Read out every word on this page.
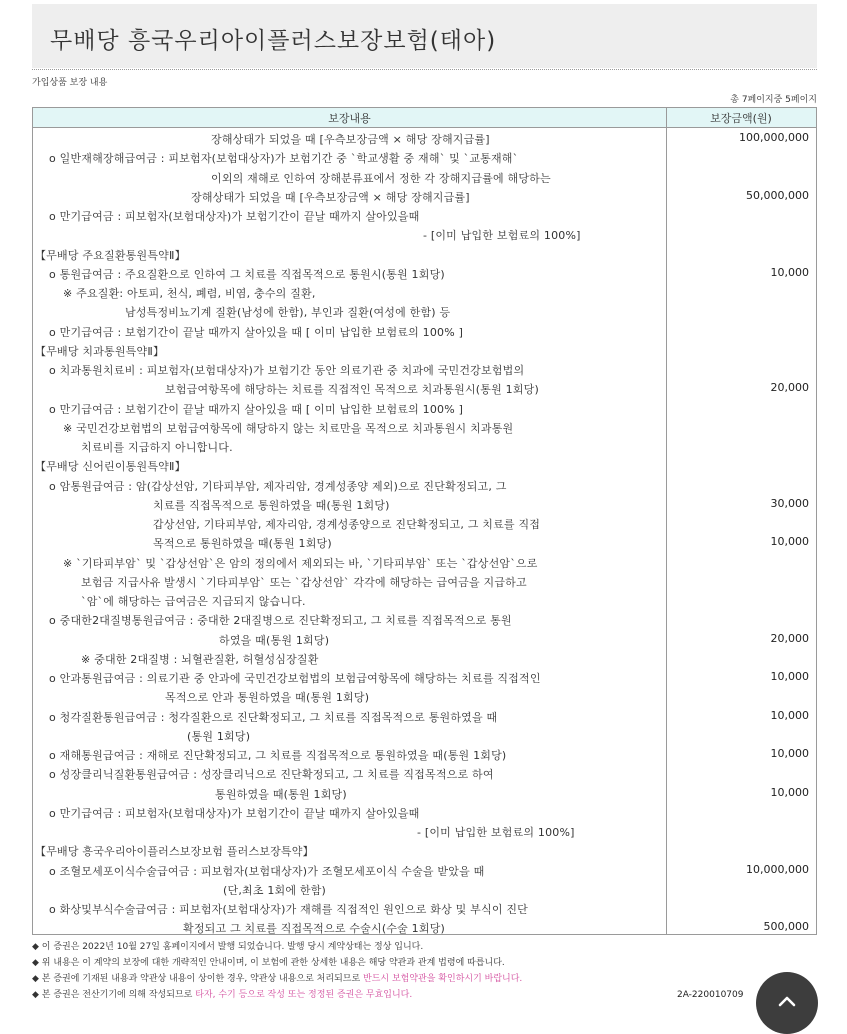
무배당 흥국우리아이플러스보장보험(태아)
가입상품 보장 내용
총 7페이지중 5페이지
보장내용	보장금액(원)
장해상태가 되었을 때 [우측보장금액 × 해당 장해지급률]	100,000,000
o 일반재해장해급여금 : 피보험자(보험대상자)가 보험기간 중 `학교생활 중 재해` 및 `교통재해`
이외의 재해로 인하여 장해분류표에서 정한 각 장해지급률에 해당하는
장해상태가 되었을 때 [우측보장금액 × 해당 장해지급률]	50,000,000
o 만기급여금 : 피보험자(보험대상자)가 보험기간이 끝날 때까지 살아있을때
- [이미 납입한 보험료의 100%]
【무배당 주요질환통원특약Ⅱ】
o 통원급여금 : 주요질환으로 인하여 그 치료를 직접목적으로 통원시(통원 1회당)	10,000
※ 주요질환: 아토피, 천식, 폐렴, 비염, 충수의 질환,
남성특정비뇨기계 질환(남성에 한함), 부인과 질환(여성에 한함) 등
o 만기급여금 : 보험기간이 끝날 때까지 살아있을 때 [ 이미 납입한 보험료의 100% ]
【무배당 치과통원특약Ⅱ】
o 치과통원치료비 : 피보험자(보험대상자)가 보험기간 동안 의료기관 중 치과에 국민건강보험법의
보험급여항목에 해당하는 치료를 직접적인 목적으로 치과통원시(통원 1회당)	20,000
o 만기급여금 : 보험기간이 끝날 때까지 살아있을 때 [ 이미 납입한 보험료의 100% ]
※ 국민건강보험법의 보험급여항목에 해당하지 않는 치료만을 목적으로 치과통원시 치과통원
치료비를 지급하지 아니합니다.
【무배당 신어린이통원특약Ⅱ】
o 암통원급여금 : 암(갑상선암, 기타피부암, 제자리암, 경계성종양 제외)으로 진단확정되고, 그
치료를 직접목적으로 통원하였을 때(통원 1회당)	30,000
갑상선암, 기타피부암, 제자리암, 경계성종양으로 진단확정되고, 그 치료를 직접
목적으로 통원하였을 때(통원 1회당)	10,000
※ `기타피부암` 및 `갑상선암`은 암의 정의에서 제외되는 바, `기타피부암` 또는 `갑상선암`으로
보험금 지급사유 발생시 `기타피부암` 또는 `갑상선암` 각각에 해당하는 급여금을 지급하고
`암`에 해당하는 급여금은 지급되지 않습니다.
o 중대한2대질병통원급여금 : 중대한 2대질병으로 진단확정되고, 그 치료를 직접목적으로 통원
하였을 때(통원 1회당)	20,000
※ 중대한 2대질병 : 뇌혈관질환, 허혈성심장질환
o 안과통원급여금 : 의료기관 중 안과에 국민건강보험법의 보험급여항목에 해당하는 치료를 직접적인	10,000
목적으로 안과 통원하였을 때(통원 1회당)
o 청각질환통원급여금 : 청각질환으로 진단확정되고, 그 치료를 직접목적으로 통원하였을 때	10,000
(통원 1회당)
o 재해통원급여금 : 재해로 진단확정되고, 그 치료를 직접목적으로 통원하였을 때(통원 1회당)	10,000
o 성장클리닉질환통원급여금 : 성장클리닉으로 진단확정되고, 그 치료를 직접목적으로 하여
통원하였을 때(통원 1회당)	10,000
o 만기급여금 : 피보험자(보험대상자)가 보험기간이 끝날 때까지 살아있을때
- [이미 납입한 보험료의 100%]
【무배당 흥국우리아이플러스보장보험 플러스보장특약】
o 조혈모세포이식수술급여금 : 피보험자(보험대상자)가 조혈모세포이식 수술을 받았을 때	10,000,000
(단,최초 1회에 한함)
o 화상및부식수술급여금 : 피보험자(보험대상자)가 재해를 직접적인 원인으로 화상 및 부식이 진단
확정되고 그 치료를 직접목적으로 수술시(수술 1회당)	500,000
◆ 이 증권은 2022년 10월 27일 홈페이지에서 발행 되었습니다. 발행 당시 계약상태는 정상 입니다.
◆ 위 내용은 이 계약의 보장에 대한 개략적인 안내이며, 이 보험에 관한 상세한 내용은 해당 약관과 관계 법령에 따릅니다.
◆ 본 증권에 기재된 내용과 약관상 내용이 상이한 경우, 약관상 내용으로 처리되므로 반드시 보험약관을 확인하시기 바랍니다.
◆ 본 증권은 전산기기에 의해 작성되므로 타자, 수기 등으로 작성 또는 정정된 증권은 무효입니다.	2A-220010709
